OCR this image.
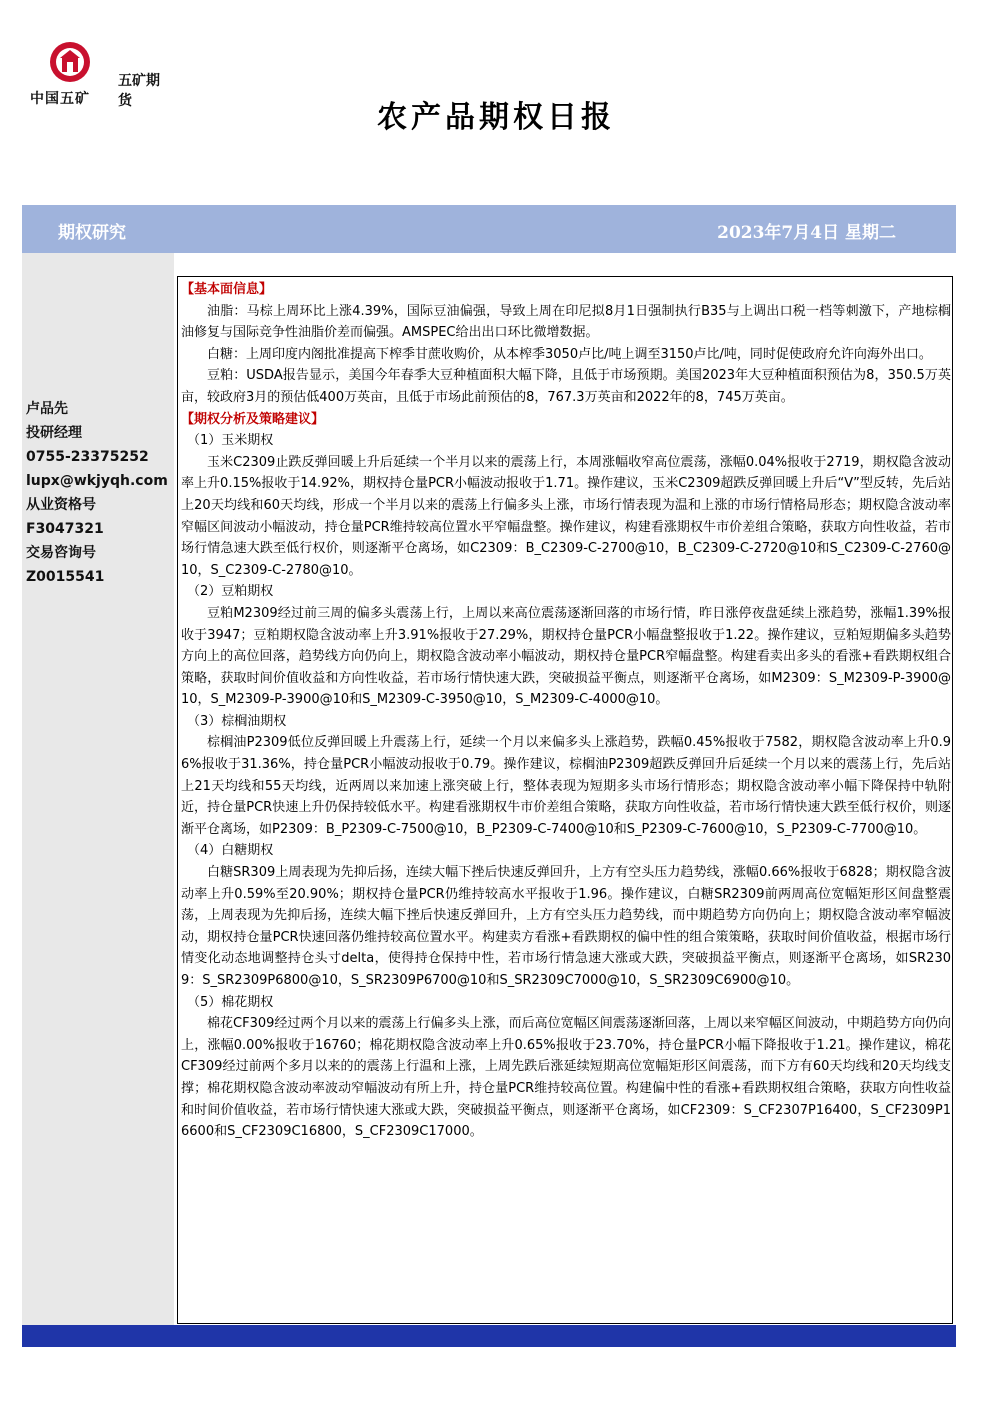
中国五矿
五矿期货	农产品期权日报
期权研究	2023年7月4日 星期二
卢品先
投研经理
0755-23375252
lupx@wkjyqh.com
从业资格号
F3047321
交易咨询号
Z0015541

【基本面信息】

油脂：马棕上周环比上涨4.39%，国际豆油偏强，导致上周在印尼拟8月1日强制执行B35与上调出口税一档等刺激下，产地棕榈油修复与国际竞争性油脂价差而偏强。AMSPEC给出出口环比微增数据。

白糖：上周印度内阁批准提高下榨季甘蔗收购价，从本榨季3050卢比/吨上调至3150卢比/吨，同时促使政府允许向海外出口。

豆粕：USDA报告显示，美国今年春季大豆种植面积大幅下降，且低于市场预期。美国2023年大豆种植面积预估为8，350.5万英亩，较政府3月的预估低400万英亩，且低于市场此前预估的8，767.3万英亩和2022年的8，745万英亩。

【期权分析及策略建议】

（1）玉米期权

玉米C2309止跌反弹回暖上升后延续一个半月以来的震荡上行，本周涨幅收窄高位震荡，涨幅0.04%报收于2719，期权隐含波动率上升0.15%报收于14.92%，期权持仓量PCR小幅波动报收于1.71。操作建议，玉米C2309超跌反弹回暖上升后“V”型反转，先后站上20天均线和60天均线，形成一个半月以来的震荡上行偏多头上涨，市场行情表现为温和上涨的市场行情格局形态；期权隐含波动率窄幅区间波动小幅波动，持仓量PCR维持较高位置水平窄幅盘整。操作建议，构建看涨期权牛市价差组合策略，获取方向性收益，若市场行情急速大跌至低行权价，则逐渐平仓离场，如C2309：B_C2309-C-2700@10，B_C2309-C-2720@10和S_C2309-C-2760@10，S_C2309-C-2780@10。

（2）豆粕期权

豆粕M2309经过前三周的偏多头震荡上行，上周以来高位震荡逐渐回落的市场行情，昨日涨停夜盘延续上涨趋势，涨幅1.39%报收于3947；豆粕期权隐含波动率上升3.91%报收于27.29%，期权持仓量PCR小幅盘整报收于1.22。操作建议，豆粕短期偏多头趋势方向上的高位回落，趋势线方向仍向上，期权隐含波动率小幅波动，期权持仓量PCR窄幅盘整。构建看卖出多头的看涨+看跌期权组合策略，获取时间价值收益和方向性收益，若市场行情快速大跌，突破损益平衡点，则逐渐平仓离场，如M2309：S_M2309-P-3900@10，S_M2309-P-3900@10和S_M2309-C-3950@10，S_M2309-C-4000@10。

（3）棕榈油期权

棕榈油P2309低位反弹回暖上升震荡上行，延续一个月以来偏多头上涨趋势，跌幅0.45%报收于7582，期权隐含波动率上升0.96%报收于31.36%，持仓量PCR小幅波动报收于0.79。操作建议，棕榈油P2309超跌反弹回升后延续一个月以来的震荡上行，先后站上21天均线和55天均线，近两周以来加速上涨突破上行，整体表现为短期多头市场行情形态；期权隐含波动率小幅下降保持中轨附近，持仓量PCR快速上升仍保持较低水平。构建看涨期权牛市价差组合策略，获取方向性收益，若市场行情快速大跌至低行权价，则逐渐平仓离场，如P2309：B_P2309-C-7500@10，B_P2309-C-7400@10和S_P2309-C-7600@10，S_P2309-C-7700@10。

（4）白糖期权

白糖SR309上周表现为先抑后扬，连续大幅下挫后快速反弹回升，上方有空头压力趋势线，涨幅0.66%报收于6828；期权隐含波动率上升0.59%至20.90%；期权持仓量PCR仍维持较高水平报收于1.96。操作建议，白糖SR2309前两周高位宽幅矩形区间盘整震荡，上周表现为先抑后扬，连续大幅下挫后快速反弹回升，上方有空头压力趋势线，而中期趋势方向仍向上；期权隐含波动率窄幅波动，期权持仓量PCR快速回落仍维持较高位置水平。构建卖方看涨+看跌期权的偏中性的组合策策略，获取时间价值收益，根据市场行情变化动态地调整持仓头寸delta，使得持仓保持中性，若市场行情急速大涨或大跌，突破损益平衡点，则逐渐平仓离场，如SR2309：S_SR2309P6800@10，S_SR2309P6700@10和S_SR2309C7000@10，S_SR2309C6900@10。

（5）棉花期权

棉花CF309经过两个月以来的震荡上行偏多头上涨，而后高位宽幅区间震荡逐渐回落，上周以来窄幅区间波动，中期趋势方向仍向上，涨幅0.00%报收于16760；棉花期权隐含波动率上升0.65%报收于23.70%，持仓量PCR小幅下降报收于1.21。操作建议，棉花CF309经过前两个多月以来的的震荡上行温和上涨，上周先跌后涨延续短期高位宽幅矩形区间震荡，而下方有60天均线和20天均线支撑；棉花期权隐含波动率波动窄幅波动有所上升，持仓量PCR维持较高位置。构建偏中性的看涨+看跌期权组合策略，获取方向性收益和时间价值收益，若市场行情快速大涨或大跌，突破损益平衡点，则逐渐平仓离场，如CF2309：S_CF2307P16400，S_CF2309P16600和S_CF2309C16800，S_CF2309C17000。
